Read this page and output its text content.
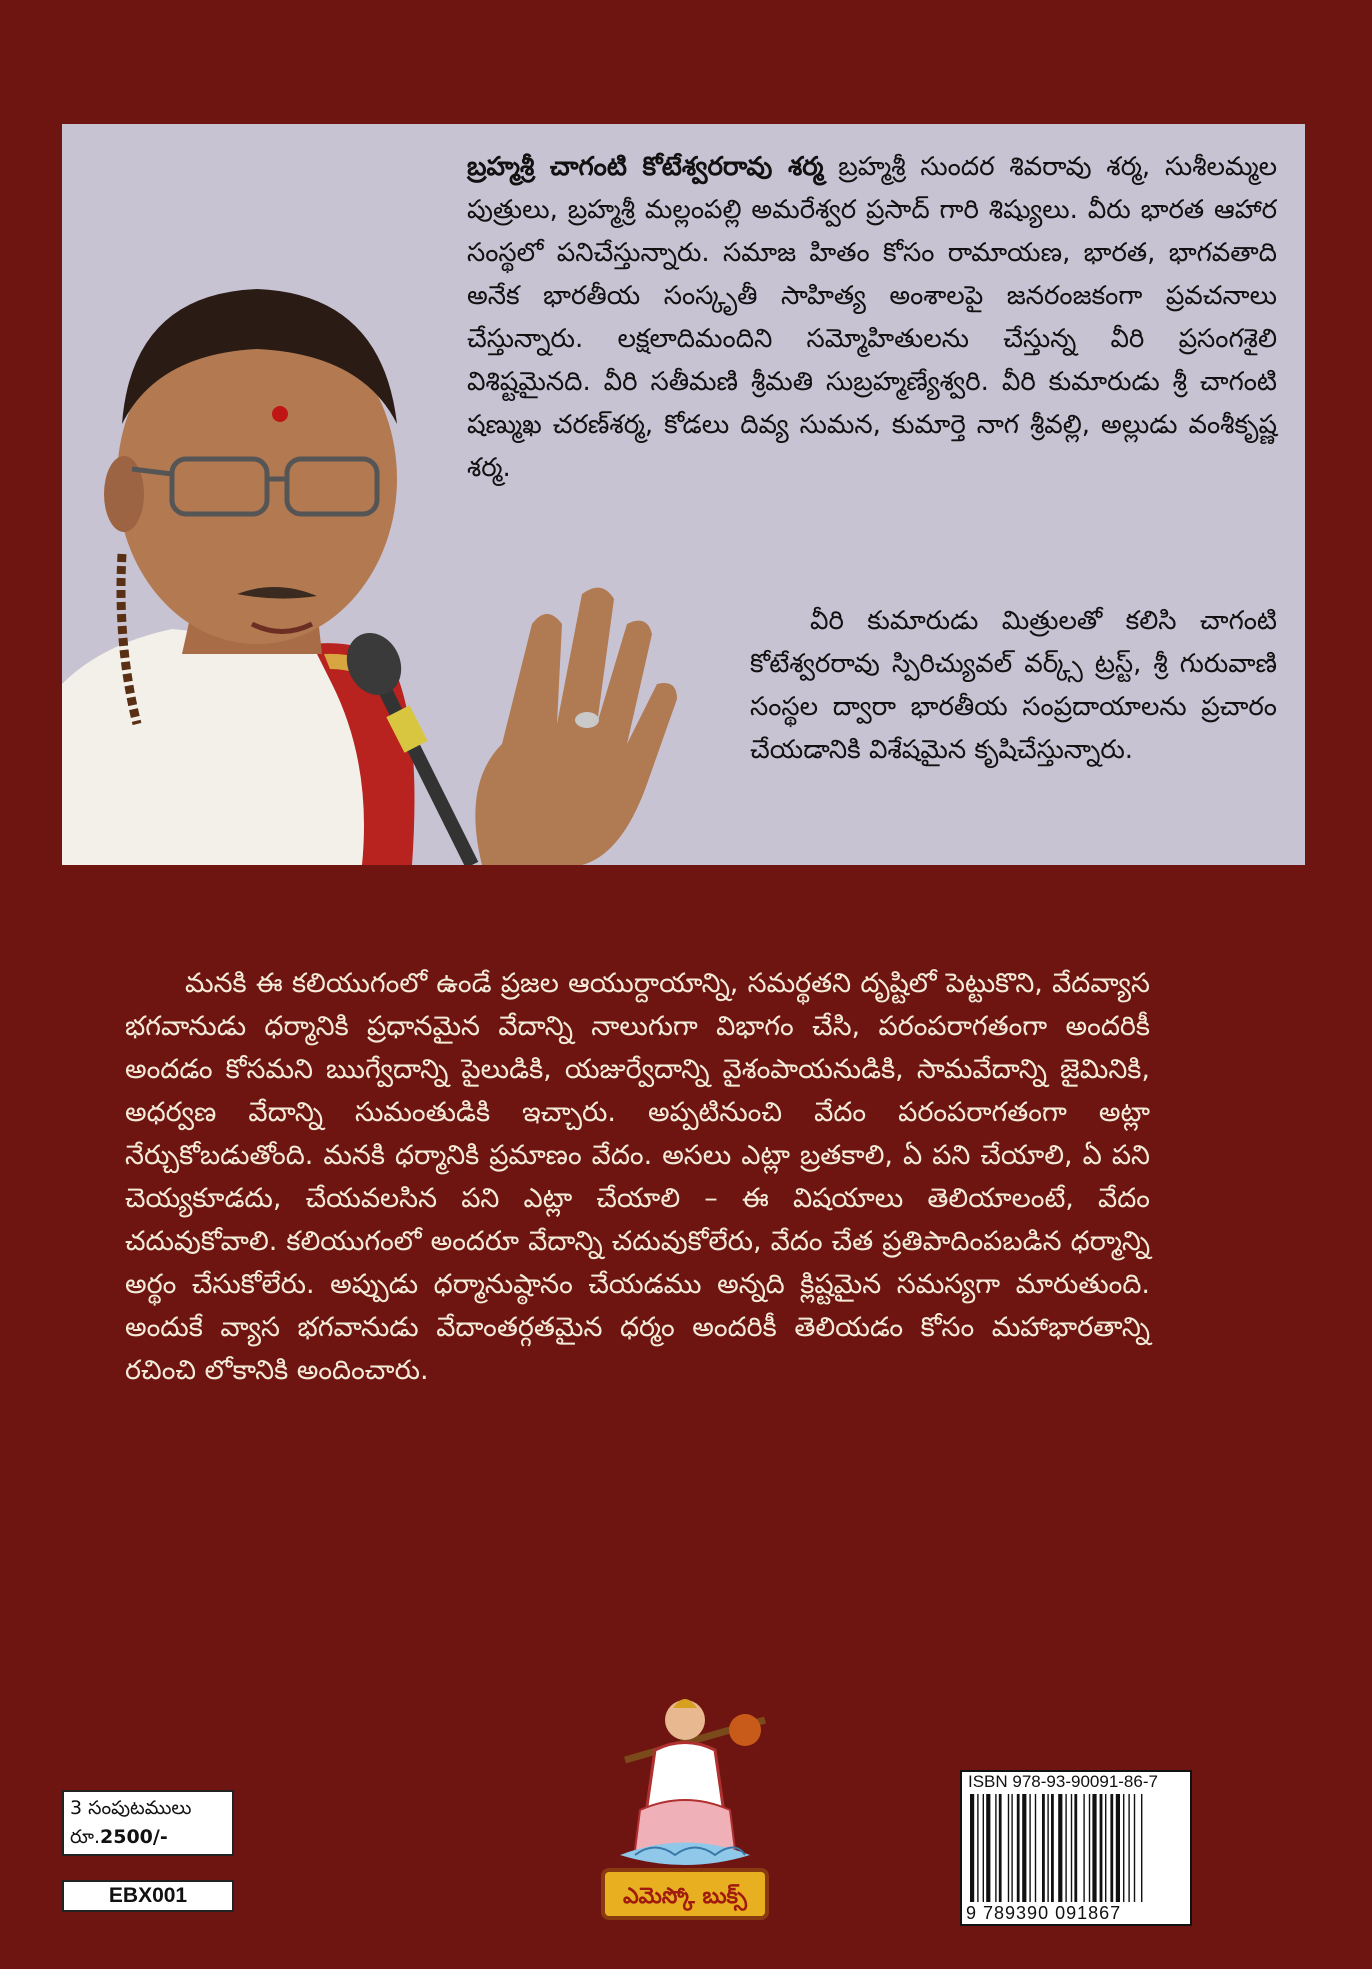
బ్రహ్మశ్రీ చాగంటి కోటేశ్వరరావు శర్మ బ్రహ్మశ్రీ సుందర శివరావు శర్మ, సుశీలమ్మల పుత్రులు, బ్రహ్మశ్రీ మల్లంపల్లి అమరేశ్వర ప్రసాద్ గారి శిష్యులు. వీరు భారత ఆహార సంస్థలో పనిచేస్తున్నారు. సమాజ హితం కోసం రామాయణ, భారత, భాగవతాది అనేక భారతీయ సంస్కృతీ సాహిత్య అంశాలపై జనరంజకంగా ప్రవచనాలు చేస్తున్నారు. లక్షలాదిమందిని సమ్మోహితులను చేస్తున్న వీరి ప్రసంగశైలి విశిష్టమైనది. వీరి సతీమణి శ్రీమతి సుబ్రహ్మణ్యేశ్వరి. వీరి కుమారుడు శ్రీ చాగంటి షణ్ముఖ చరణ్‌శర్మ, కోడలు దివ్య సుమన, కుమార్తె నాగ శ్రీవల్లి, అల్లుడు వంశీకృష్ణ శర్మ.

వీరి కుమారుడు మిత్రులతో కలిసి చాగంటి కోటేశ్వరరావు స్పిరిచ్యువల్ వర్క్స్ ట్రస్ట్, శ్రీ గురువాణి సంస్థల ద్వారా భారతీయ సంప్రదాయాలను ప్రచారం చేయడానికి విశేషమైన కృషిచేస్తున్నారు.

మనకి ఈ కలియుగంలో ఉండే ప్రజల ఆయుర్దాయాన్ని, సమర్థతని దృష్టిలో పెట్టుకొని, వేదవ్యాస భగవానుడు ధర్మానికి ప్రధానమైన వేదాన్ని నాలుగుగా విభాగం చేసి, పరంపరాగతంగా అందరికీ అందడం కోసమని ఋగ్వేదాన్ని పైలుడికి, యజుర్వేదాన్ని వైశంపాయనుడికి, సామవేదాన్ని జైమినికి, అధర్వణ వేదాన్ని సుమంతుడికి ఇచ్చారు. అప్పటినుంచి వేదం పరంపరాగతంగా అట్లా నేర్చుకోబడుతోంది. మనకి ధర్మానికి ప్రమాణం వేదం. అసలు ఎట్లా బ్రతకాలి, ఏ పని చేయాలి, ఏ పని చెయ్యకూడదు, చేయవలసిన పని ఎట్లా చేయాలి – ఈ విషయాలు తెలియాలంటే, వేదం చదువుకోవాలి. కలియుగంలో అందరూ వేదాన్ని చదువుకోలేరు, వేదం చేత ప్రతిపాదింపబడిన ధర్మాన్ని అర్థం చేసుకోలేరు. అప్పుడు ధర్మానుష్ఠానం చేయడము అన్నది క్లిష్టమైన సమస్యగా మారుతుంది. అందుకే వ్యాస భగవానుడు వేదాంతర్గతమైన ధర్మం అందరికీ తెలియడం కోసం మహాభారతాన్ని రచించి లోకానికి అందించారు.

ఎమెస్కో బుక్స్
3 సంపుటములు
రూ.2500/-
EBX001
ISBN 978-93-90091-86-7
9 789390 091867
